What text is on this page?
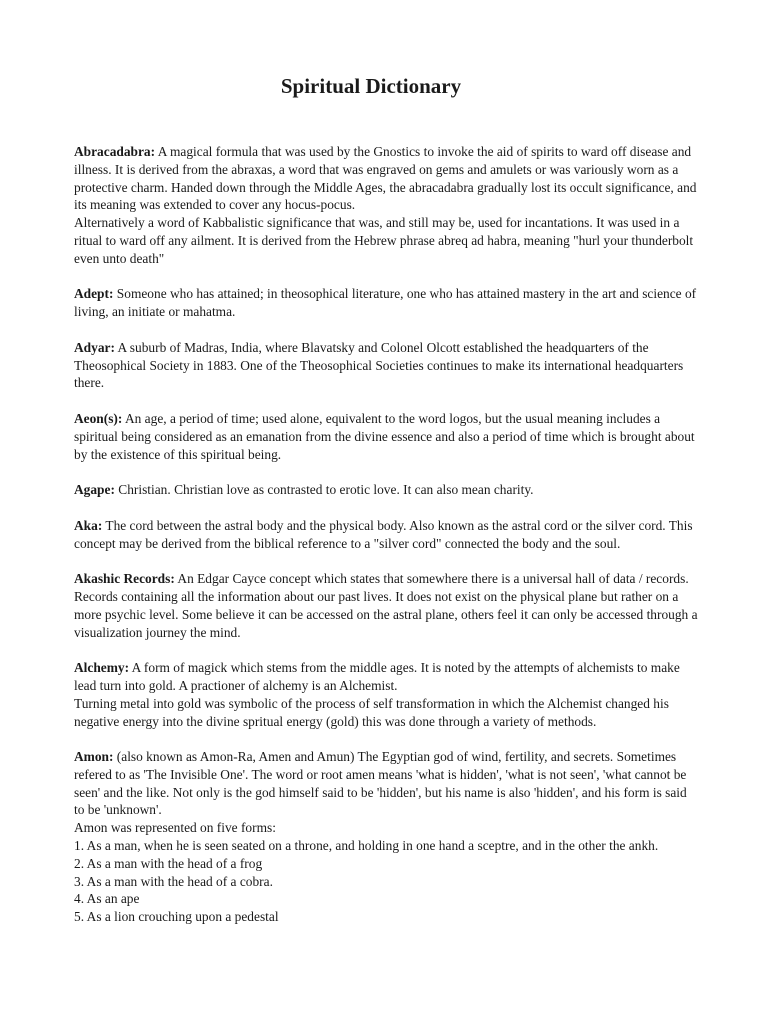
Spiritual Dictionary

Abracadabra: A magical formula that was used by the Gnostics to invoke the aid of spirits to ward off disease and illness. It is derived from the abraxas, a word that was engraved on gems and amulets or was variously worn as a protective charm. Handed down through the Middle Ages, the abracadabra gradually lost its occult significance, and its meaning was extended to cover any hocus-pocus.

Alternatively a word of Kabbalistic significance that was, and still may be, used for incantations. It was used in a ritual to ward off any ailment. It is derived from the Hebrew phrase abreq ad habra, meaning "hurl your thunderbolt even unto death"

Adept: Someone who has attained; in theosophical literature, one who has attained mastery in the art and science of living, an initiate or mahatma.

Adyar: A suburb of Madras, India, where Blavatsky and Colonel Olcott established the headquarters of the Theosophical Society in 1883. One of the Theosophical Societies continues to make its international headquarters there.

Aeon(s): An age, a period of time; used alone, equivalent to the word logos, but the usual meaning includes a spiritual being considered as an emanation from the divine essence and also a period of time which is brought about by the existence of this spiritual being.

Agape: Christian. Christian love as contrasted to erotic love. It can also mean charity.

Aka: The cord between the astral body and the physical body. Also known as the astral cord or the silver cord. This concept may be derived from the biblical reference to a "silver cord" connected the body and the soul.

Akashic Records: An Edgar Cayce concept which states that somewhere there is a universal hall of data / records. Records containing all the information about our past lives. It does not exist on the physical plane but rather on a more psychic level. Some believe it can be accessed on the astral plane, others feel it can only be accessed through a visualization journey the mind.

Alchemy: A form of magick which stems from the middle ages. It is noted by the attempts of alchemists to make lead turn into gold. A practioner of alchemy is an Alchemist.

Turning metal into gold was symbolic of the process of self transformation in which the Alchemist changed his negative energy into the divine spritual energy (gold) this was done through a variety of methods.

Amon: (also known as Amon-Ra, Amen and Amun) The Egyptian god of wind, fertility, and secrets. Sometimes refered to as 'The Invisible One'. The word or root amen means 'what is hidden', 'what is not seen', 'what cannot be seen' and the like. Not only is the god himself said to be 'hidden', but his name is also 'hidden', and his form is said to be 'unknown'.

Amon was represented on five forms:

1. As a man, when he is seen seated on a throne, and holding in one hand a sceptre, and in the other the ankh.

2. As a man with the head of a frog

3. As a man with the head of a cobra.

4. As an ape

5. As a lion crouching upon a pedestal
